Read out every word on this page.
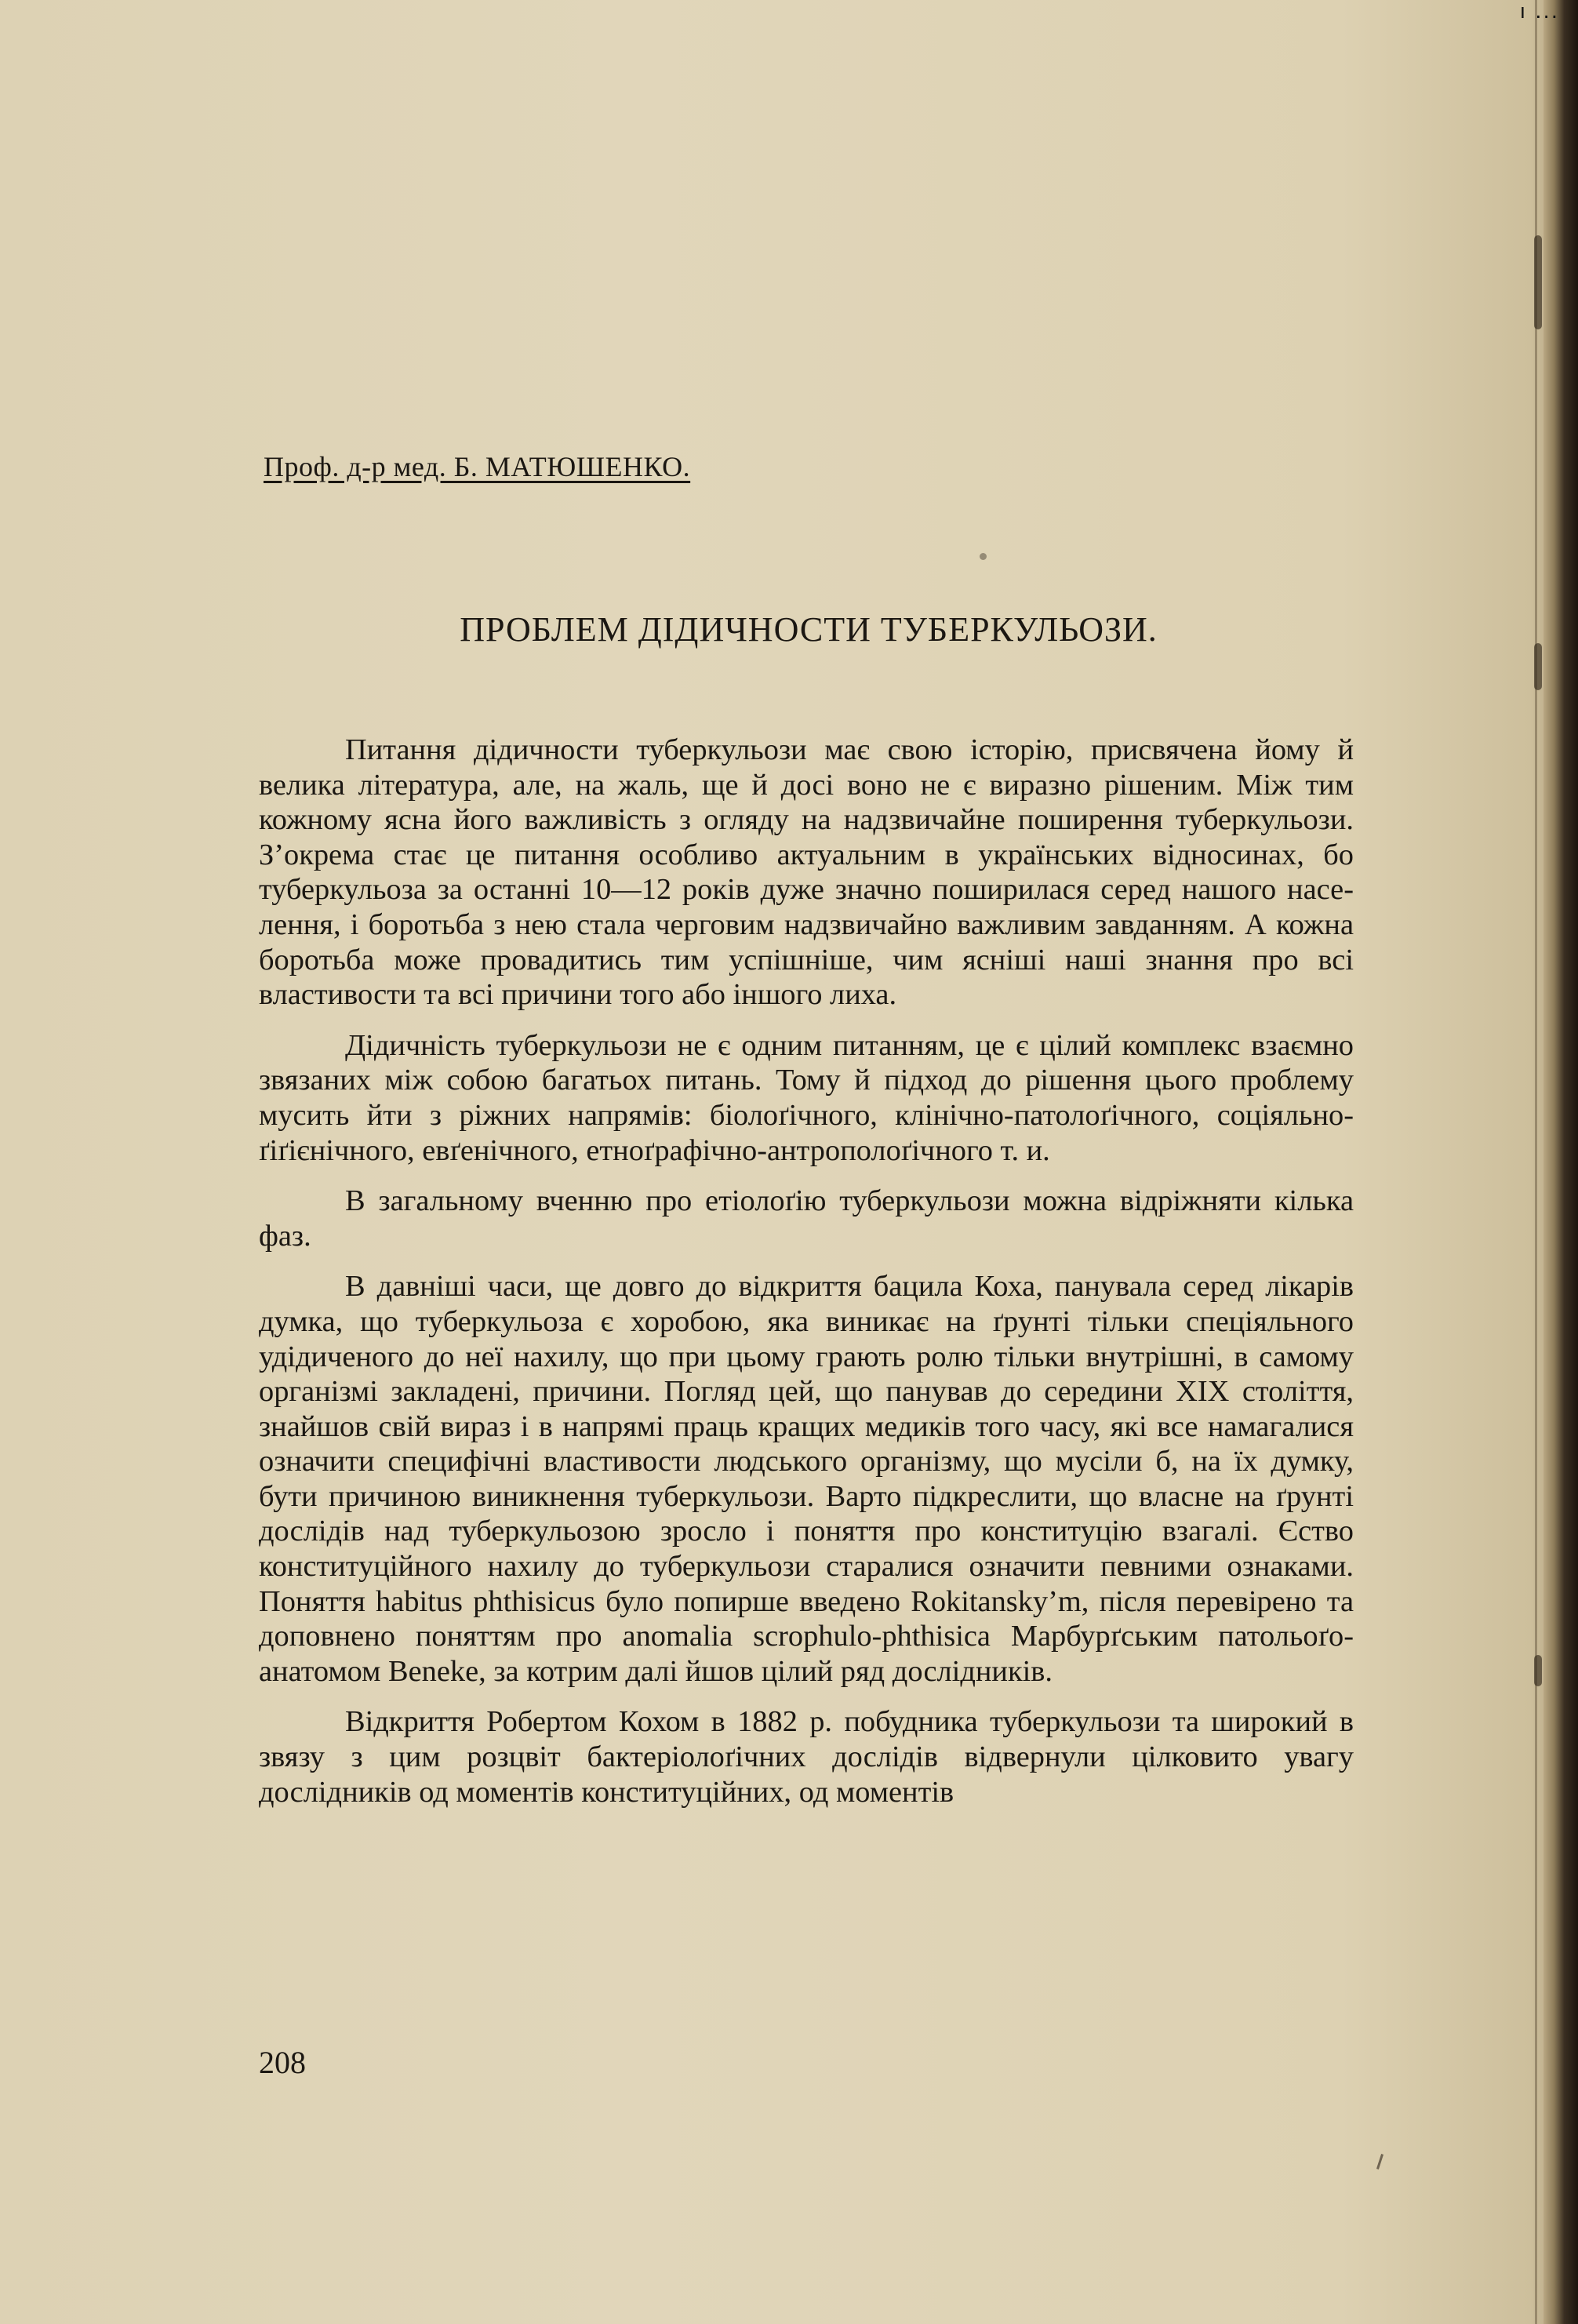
ı ...
Проф. д-р мед. Б. МАТЮШЕНКО.
ПРОБЛЕМ ДІДИЧНОСТИ ТУБЕРКУЛЬОЗИ.

Питання дідичности туберкульози має свою історію, присвячена йому й велика література, але, на жаль, ще й досі воно не є виразно рішеним. Між тим кожному ясна його важливість з огляду на надзвичайне поширення туберкульози. З’окрема стає це питання особливо актуальним в українських відносинах, бо туберкульоза за останні 10—12 років дуже значно поширилася серед нашого населення, і боротьба з нею стала черговим надзвичайно важливим завданням. А кожна боротьба може провадитись тим успішніше, чим ясніші наші знання про всі властивости та всі причини того або іншого лиха.

Дідичність туберкульози не є одним питанням, це є цілий комплекс взаємно звязаних між собою багатьох питань. Тому й підход до рішення цього проблему мусить йти з ріжних напрямів: біолоґічного, клінічно-патолоґічного, соціяльно-ґіґієнічного, евґенічного, етноґрафічно-антрополоґічного т. и.

В загальному вченню про етіолоґію туберкульози можна відріжняти кілька фаз.

В давніші часи, ще довго до відкриття бацила Коха, панувала серед лікарів думка, що туберкульоза є хоробою, яка виникає на ґрунті тільки спеціяльного удідиченого до неї нахилу, що при цьому грають ролю тільки внутрішні, в самому організмі закладені, причини. Погляд цей, що панував до середини XIX століття, знайшов свій вираз і в напрямі праць кращих медиків того часу, які все намагалися означити специфічні властивости людського організму, що мусіли б, на їх думку, бути причиною виникнення туберкульози. Варто підкреслити, що власне на ґрунті дослідів над туберкульозою зросло і поняття про конституцію взагалі. Єство конституційного нахилу до туберкульози старалися означити певними ознаками. Поняття habitus phthisicus було попирше введено Rokitansky’m, після перевірено та доповнено поняттям про anomalia scrophulo-phthisica Марбурґським патольоґо-анатомом Beneke, за котрим далі йшов цілий ряд дослідників.

Відкриття Робертом Кохом в 1882 р. побудника туберкульози та широкий в звязу з цим розцвіт бактеріолоґічних дослідів відвернули цілковито увагу дослідників од моментів конституційних, од моментів

208
